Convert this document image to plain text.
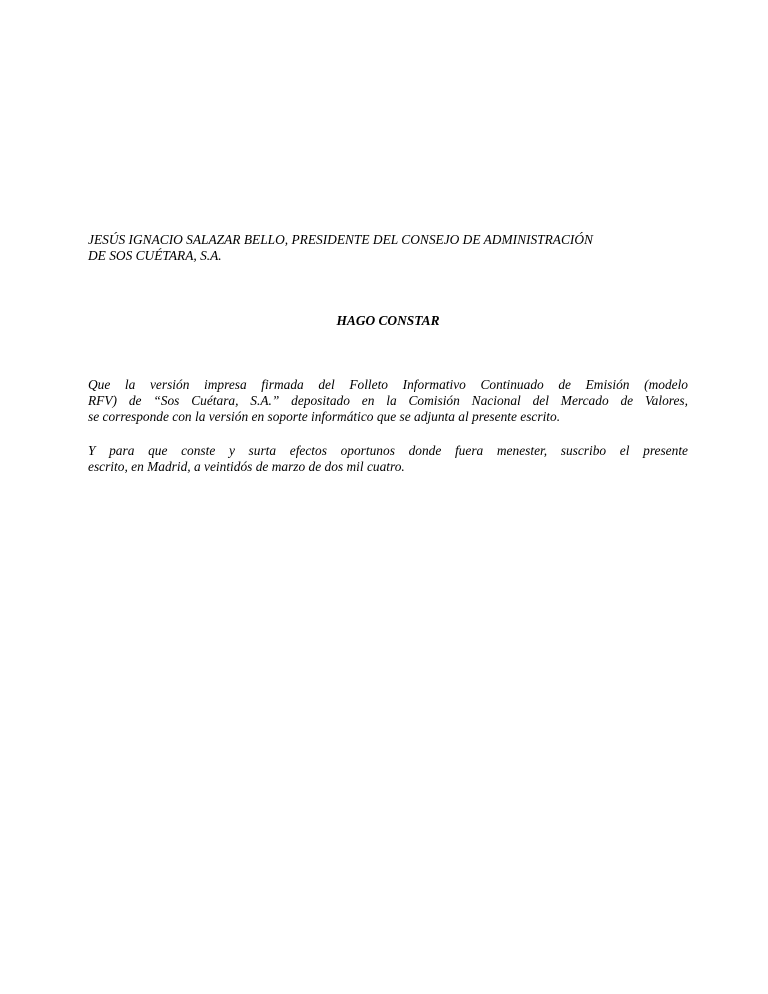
JESÚS IGNACIO SALAZAR BELLO, PRESIDENTE DEL CONSEJO DE ADMINISTRACIÓN
DE SOS CUÉTARA, S.A.
HAGO CONSTAR
Que la versión impresa firmada del Folleto Informativo Continuado de Emisión (modelo
RFV) de “Sos Cuétara, S.A.” depositado en la Comisión Nacional del Mercado de Valores,
se corresponde con la versión en soporte informático que se adjunta al presente escrito.
Y para que conste y surta efectos oportunos donde fuera menester, suscribo el presente
escrito, en Madrid, a veintidós de marzo de dos mil cuatro.
